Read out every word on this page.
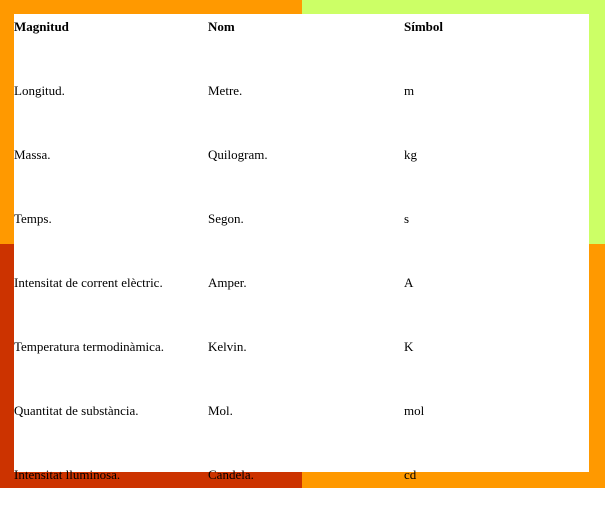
Magnitud	Nom	Símbol
Longitud.	Metre.	m
Massa.	Quilogram.	kg
Temps.	Segon.	s
Intensitat de corrent elèctric.	Amper.	A
Temperatura termodinàmica.	Kelvin.	K
Quantitat de substància.	Mol.	mol
Intensitat lluminosa.	Candela.	cd
